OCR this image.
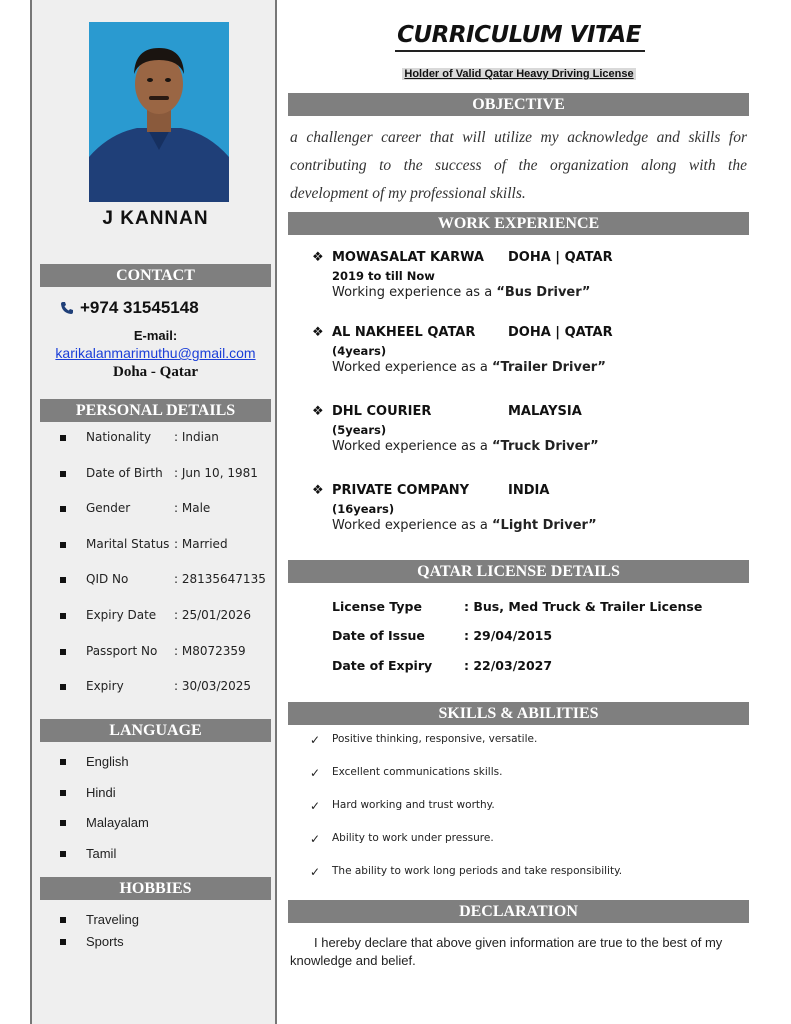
J KANNAN
CONTACT
+974 31545148
E-mail:
karikalanmarimuthu@gmail.com
Doha - Qatar
PERSONAL DETAILS
Nationality	: Indian
Date of Birth : Jun 10, 1981
Gender	: Male
Marital Status : Married
QID No	: 28135647135
Expiry Date	: 25/01/2026
Passport No	: M8072359
Expiry	: 30/03/2025
LANGUAGE
English
Hindi
Malayalam
Tamil
HOBBIES
Traveling
Sports
CURRICULUM VITAE
Holder of Valid Qatar Heavy Driving License
OBJECTIVE
a challenger career that will utilize my acknowledge and skills for contributing to the success of the organization along with the development of my professional skills.
WORK EXPERIENCE
❖ MOWASALAT KARWA	DOHA | QATAR
2019 to till Now
Working experience as a “Bus Driver”
❖ AL NAKHEEL QATAR	DOHA | QATAR
(4years)
Worked experience as a “Trailer Driver”
❖ DHL COURIER	MALAYSIA
(5years)
Worked experience as a “Truck Driver”
❖ PRIVATE COMPANY	INDIA
(16years)
Worked experience as a “Light Driver”
QATAR LICENSE DETAILS
License Type	: Bus, Med Truck & Trailer License
Date of Issue	: 29/04/2015
Date of Expiry	: 22/03/2027
SKILLS & ABILITIES
✓	Positive thinking, responsive, versatile.
✓	Excellent communications skills.
✓	Hard working and trust worthy.
✓	Ability to work under pressure.
✓	The ability to work long periods and take responsibility.
DECLARATION
I hereby declare that above given information are true to the best of my knowledge and belief.
